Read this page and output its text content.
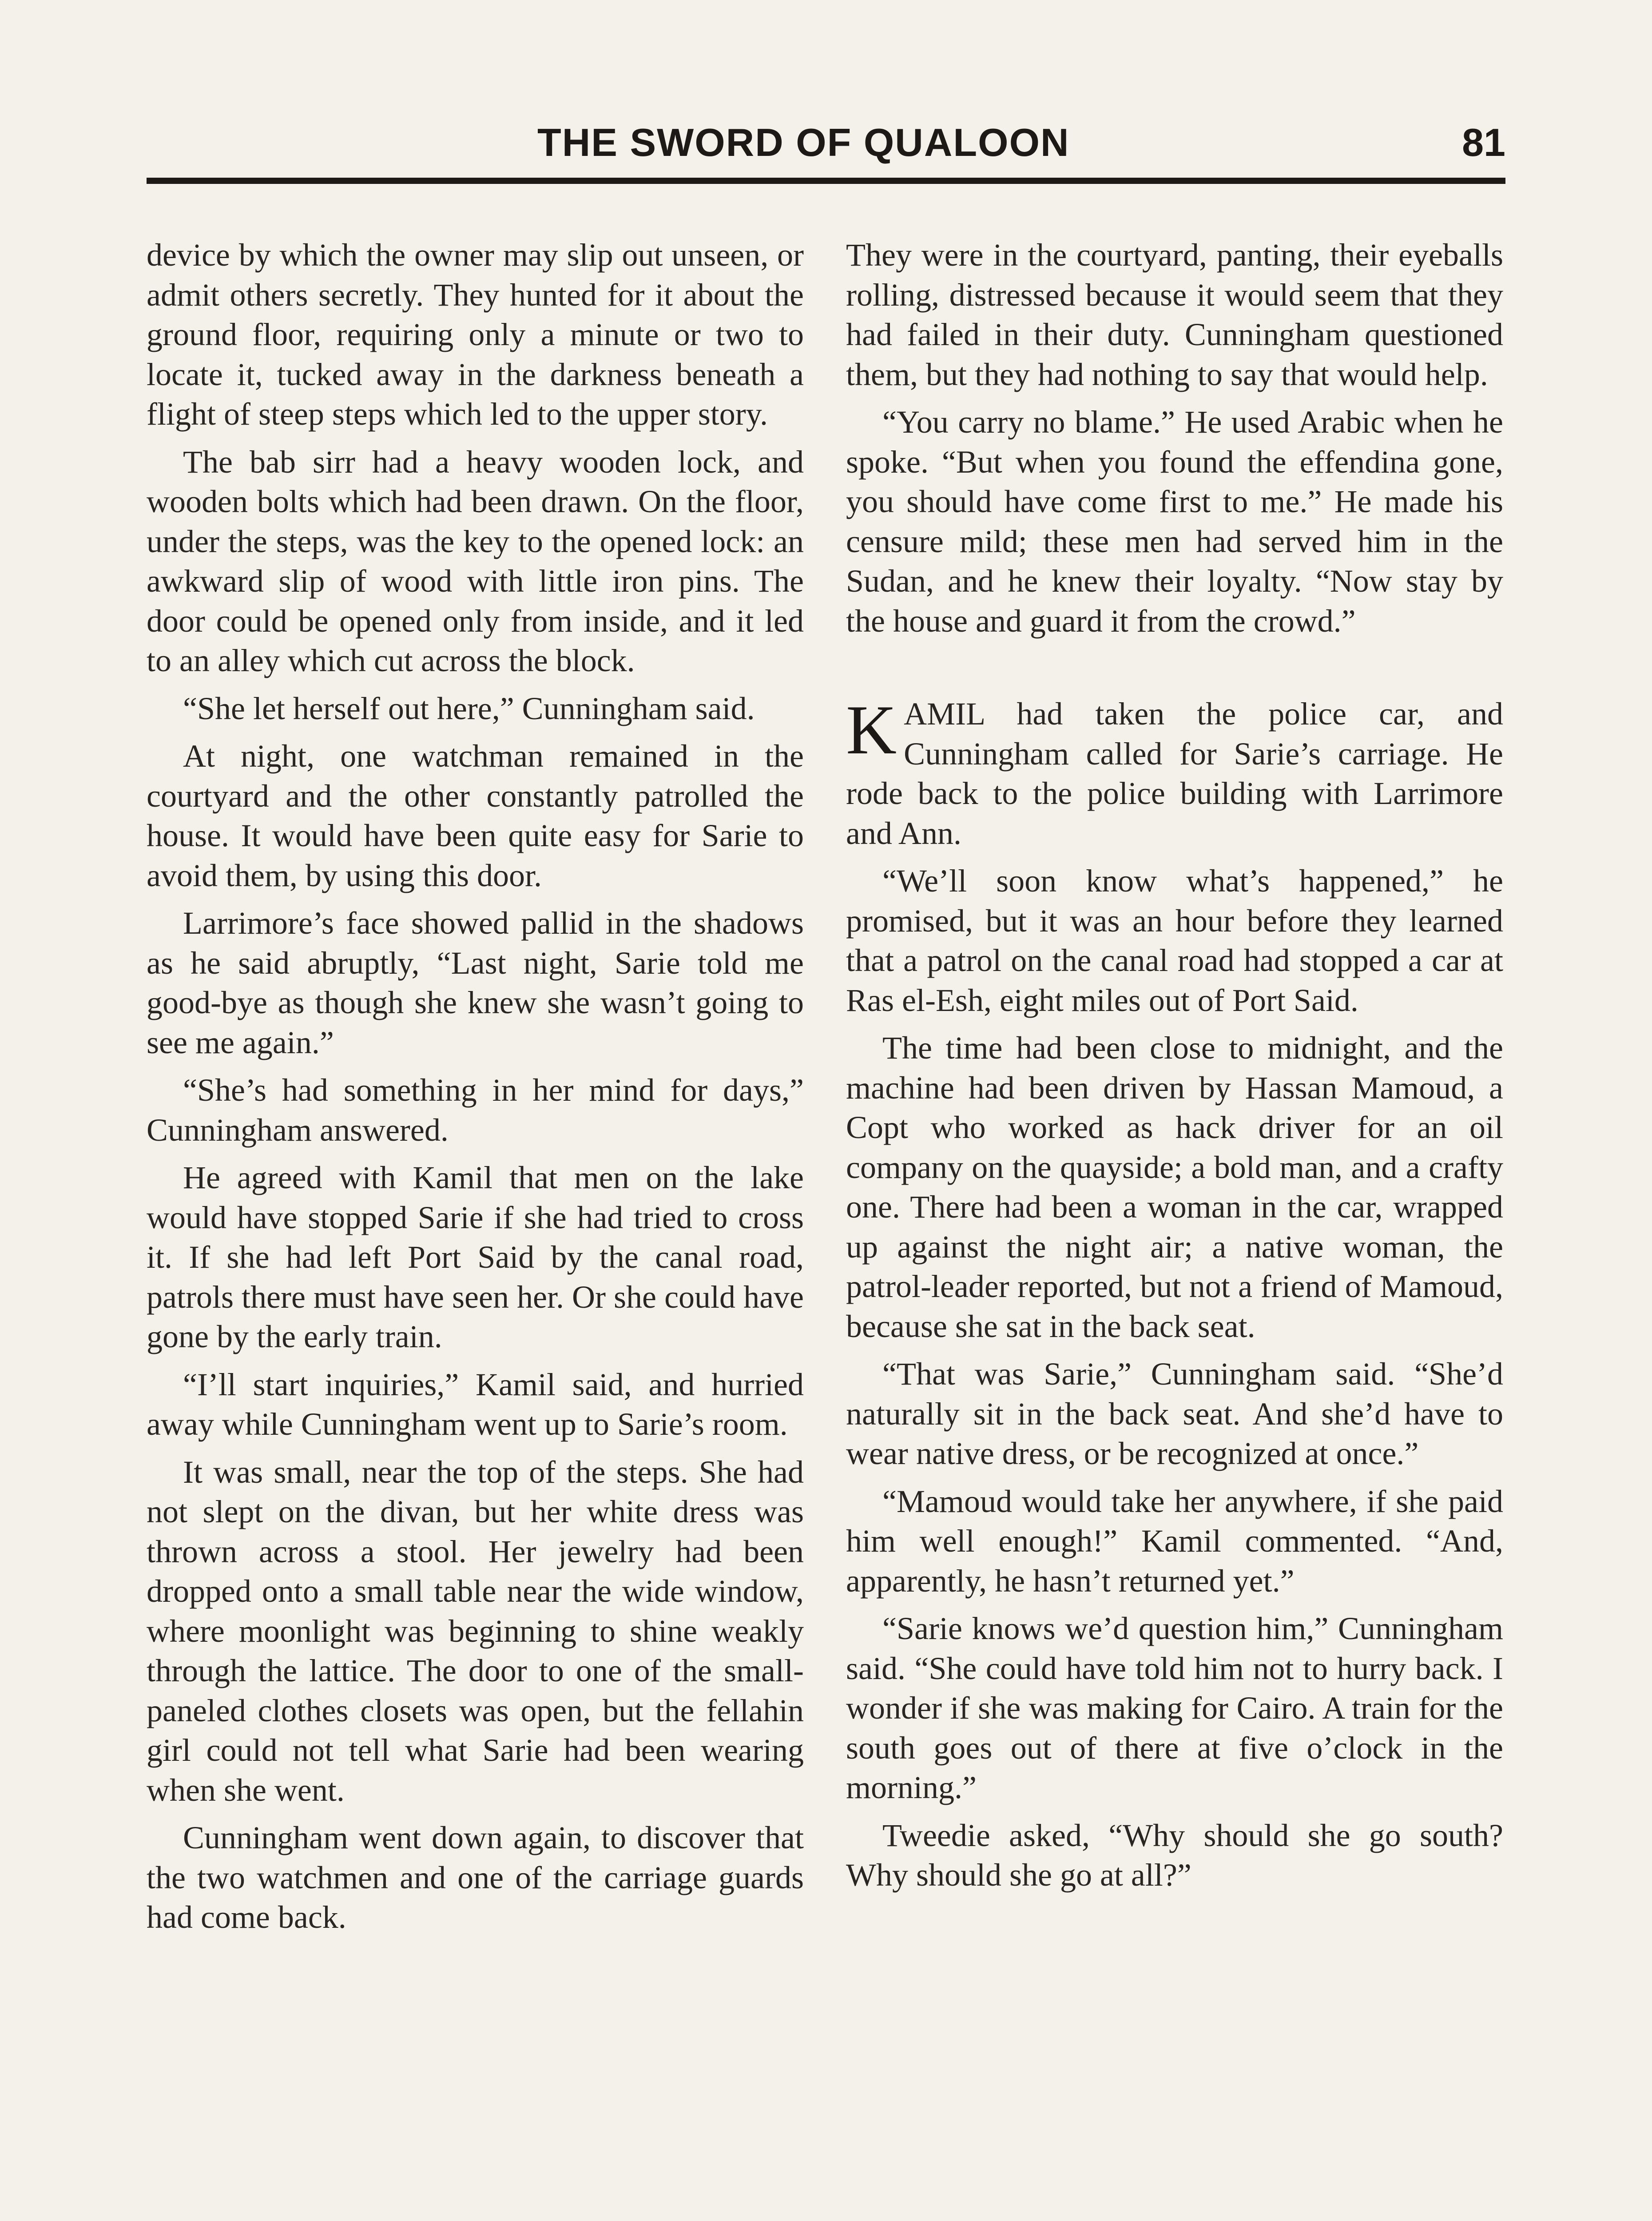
THE SWORD OF QUALOON	81

device by which the owner may slip out unseen, or admit others secretly. They hunted for it about the ground floor, requiring only a minute or two to locate it, tucked away in the darkness beneath a flight of steep steps which led to the upper story.

The bab sirr had a heavy wooden lock, and wooden bolts which had been drawn. On the floor, under the steps, was the key to the opened lock: an awkward slip of wood with little iron pins. The door could be opened only from inside, and it led to an alley which cut across the block.

“She let herself out here,” Cunningham said.

At night, one watchman remained in the courtyard and the other constantly patrolled the house. It would have been quite easy for Sarie to avoid them, by using this door.

Larrimore’s face showed pallid in the shadows as he said abruptly, “Last night, Sarie told me good-bye as though she knew she wasn’t going to see me again.”

“She’s had something in her mind for days,” Cunningham answered.

He agreed with Kamil that men on the lake would have stopped Sarie if she had tried to cross it. If she had left Port Said by the canal road, patrols there must have seen her. Or she could have gone by the early train.

“I’ll start inquiries,” Kamil said, and hurried away while Cunningham went up to Sarie’s room.

It was small, near the top of the steps. She had not slept on the divan, but her white dress was thrown across a stool. Her jewelry had been dropped onto a small table near the wide window, where moonlight was beginning to shine weakly through the lattice. The door to one of the small-paneled clothes closets was open, but the fellahin girl could not tell what Sarie had been wearing when she went.

Cunningham went down again, to discover that the two watchmen and one of the carriage guards had come back.

They were in the courtyard, panting, their eyeballs rolling, distressed because it would seem that they had failed in their duty. Cunningham questioned them, but they had nothing to say that would help.

“You carry no blame.” He used Arabic when he spoke. “But when you found the effendina gone, you should have come first to me.” He made his censure mild; these men had served him in the Sudan, and he knew their loyalty. “Now stay by the house and guard it from the crowd.”

KAMIL had taken the police car, and Cunningham called for Sarie’s carriage. He rode back to the police building with Larrimore and Ann.

“We’ll soon know what’s happened,” he promised, but it was an hour before they learned that a patrol on the canal road had stopped a car at Ras el-Esh, eight miles out of Port Said.

The time had been close to midnight, and the machine had been driven by Hassan Mamoud, a Copt who worked as hack driver for an oil company on the quayside; a bold man, and a crafty one. There had been a woman in the car, wrapped up against the night air; a native woman, the patrol-leader reported, but not a friend of Mamoud, because she sat in the back seat.

“That was Sarie,” Cunningham said. “She’d naturally sit in the back seat. And she’d have to wear native dress, or be recognized at once.”

“Mamoud would take her anywhere, if she paid him well enough!” Kamil commented. “And, apparently, he hasn’t returned yet.”

“Sarie knows we’d question him,” Cunningham said. “She could have told him not to hurry back. I wonder if she was making for Cairo. A train for the south goes out of there at five o’clock in the morning.”

Tweedie asked, “Why should she go south? Why should she go at all?”
